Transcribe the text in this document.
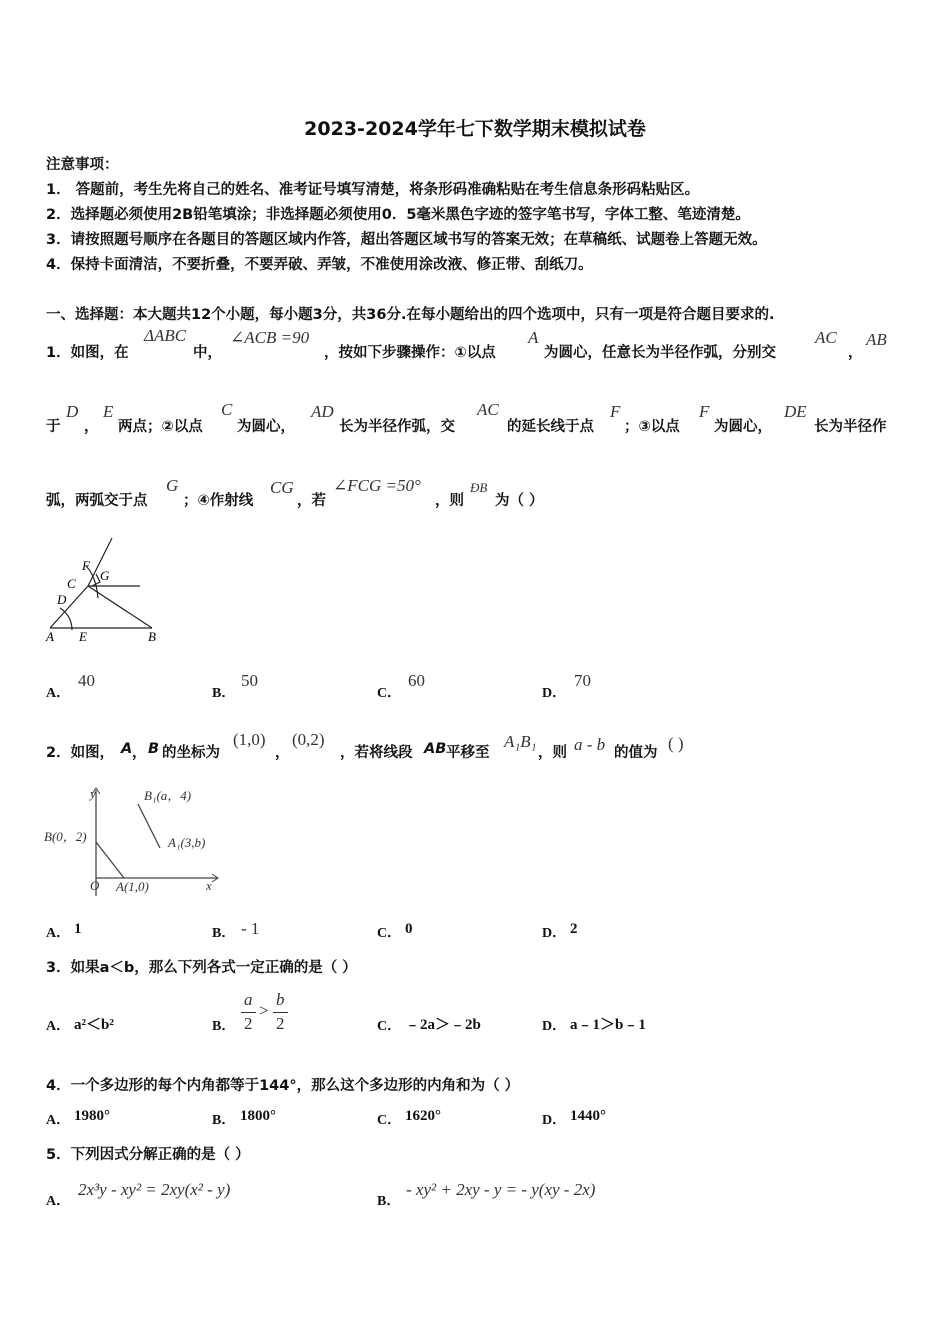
2023-2024学年七下数学期末模拟试卷
注意事项：
1． 答题前，考生先将自己的姓名、准考证号填写清楚，将条形码准确粘贴在考生信息条形码粘贴区。
2．选择题必须使用2B铅笔填涂；非选择题必须使用0．5毫米黑色字迹的签字笔书写，字体工整、笔迹清楚。
3．请按照题号顺序在各题目的答题区域内作答，超出答题区域书写的答案无效；在草稿纸、试题卷上答题无效。
4．保持卡面清洁，不要折叠，不要弄破、弄皱，不准使用涂改液、修正带、刮纸刀。
一、选择题：本大题共12个小题，每小题3分，共36分.在每小题给出的四个选项中，只有一项是符合题目要求的.
1．如图，在
ΔABC
中，
∠ACB =90
，按如下步骤操作：①以点
A
为圆心，任意长为半径作弧，分别交
AC
，
AB
于
D
，
E
两点；②以点
C
为圆心，
AD
长为半径作弧，交
AC
的延长线于点
F
；③以点
F
为圆心，
DE
长为半径作
弧，两弧交于点
G
；④作射线
CG
，若
∠FCG =50°
，则
ÐB
为（ ）
F
G
C
D
A E	B
A．
40
B．
50
C．
60
D．
70
2．如图， A ， B 的坐标为
(1,0)
，
(0,2)
，若将线段 AB 平移至
A₁B₁
，则 a - b 的值为 ( )
y	B₁(a，4)
B(0，2)	A₁(3,b)
O A(1,0)	x
A． 1	B． - 1	C． 0	D． 2
3．如果a＜b，那么下列各式一定正确的是（ ）
A． a²＜b²	B．
a
2
>
b
2	C． ﹣2a＞﹣2b	D． a﹣1＞b﹣1
4．一个多边形的每个内角都等于144°，那么这个多边形的内角和为（ ）
A． 1980°	B． 1800°	C． 1620°	D． 1440°
5．下列因式分解正确的是（ ）
A．
2x³y - xy² = 2xy(x² - y)
B．
- xy² + 2xy - y = - y(xy - 2x)
